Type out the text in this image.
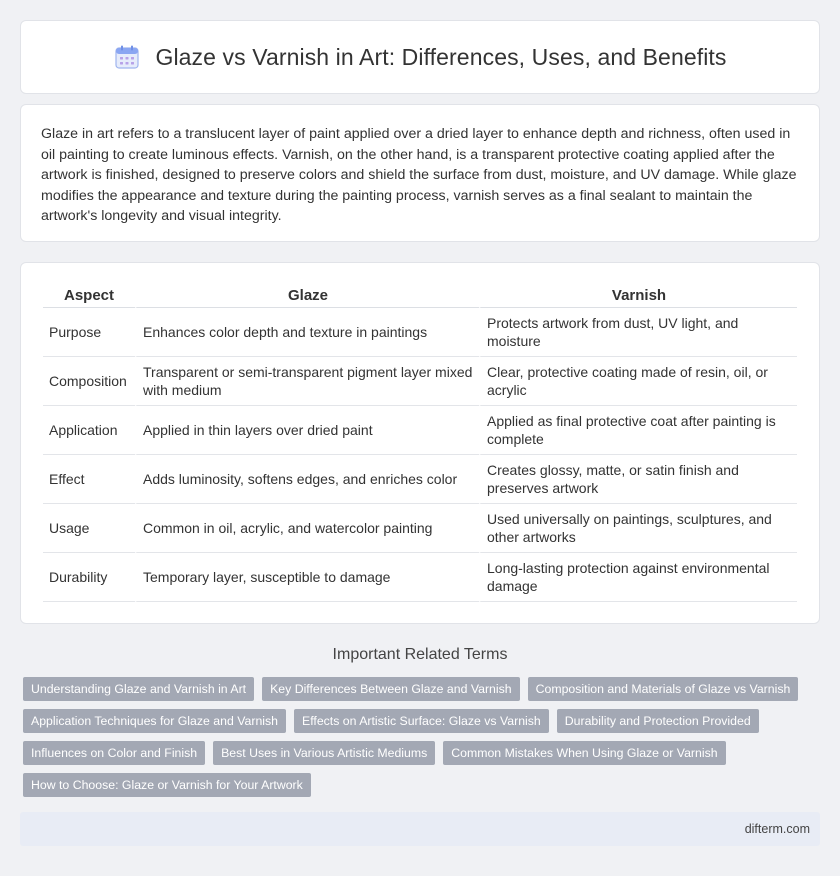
Glaze vs Varnish in Art: Differences, Uses, and Benefits

Glaze in art refers to a translucent layer of paint applied over a dried layer to enhance depth and richness, often used in oil painting to create luminous effects. Varnish, on the other hand, is a transparent protective coating applied after the artwork is finished, designed to preserve colors and shield the surface from dust, moisture, and UV damage. While glaze modifies the appearance and texture during the painting process, varnish serves as a final sealant to maintain the artwork's longevity and visual integrity.

Aspect	Glaze	Varnish
Purpose	Enhances color depth and texture in paintings	Protects artwork from dust, UV light, and moisture
Composition	Transparent or semi-transparent pigment layer mixed with medium	Clear, protective coating made of resin, oil, or acrylic
Application	Applied in thin layers over dried paint	Applied as final protective coat after painting is complete
Effect	Adds luminosity, softens edges, and enriches color	Creates glossy, matte, or satin finish and preserves artwork
Usage	Common in oil, acrylic, and watercolor painting	Used universally on paintings, sculptures, and other artworks
Durability	Temporary layer, susceptible to damage	Long-lasting protection against environmental damage
Important Related Terms
Understanding Glaze and Varnish in Art	Key Differences Between Glaze and Varnish	Composition and Materials of Glaze vs Varnish
Application Techniques for Glaze and Varnish	Effects on Artistic Surface: Glaze vs Varnish	Durability and Protection Provided
Influences on Color and Finish	Best Uses in Various Artistic Mediums	Common Mistakes When Using Glaze or Varnish
How to Choose: Glaze or Varnish for Your Artwork
difterm.com
